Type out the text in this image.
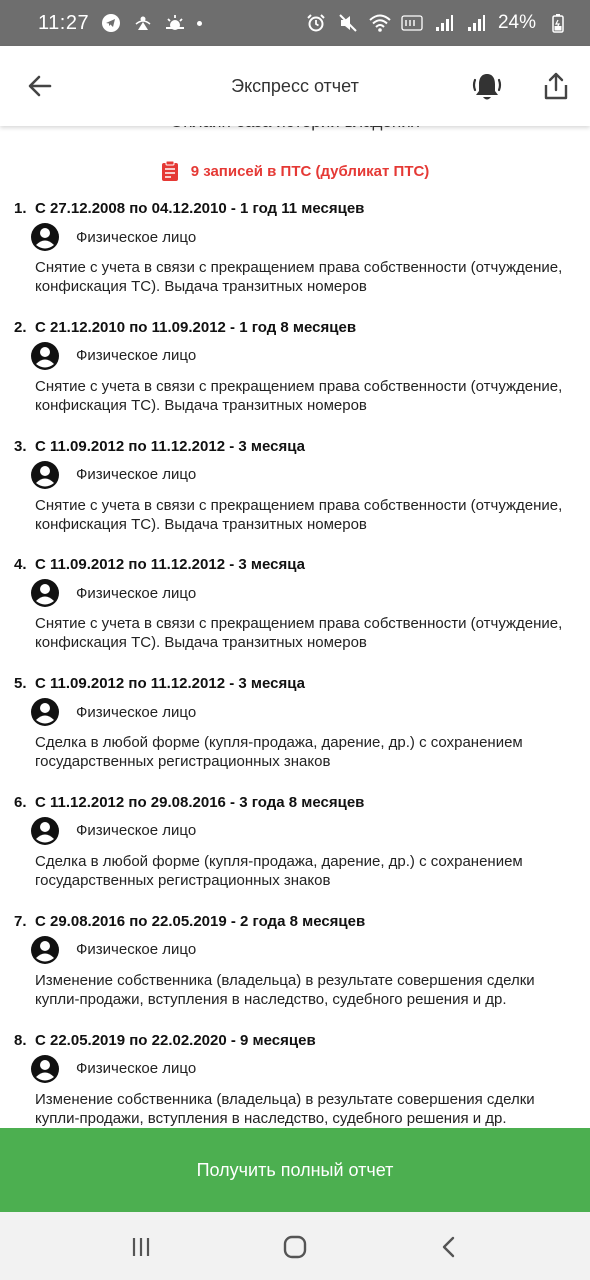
11:27	24%
Экспресс отчет
9 записей в ПТС (дубликат ПТС)
1. С 27.12.2008 по 04.12.2010 - 1 год 11 месяцев
Физическое лицо
Снятие с учета в связи с прекращением права собственности (отчуждение, конфискация ТС). Выдача транзитных номеров
2. С 21.12.2010 по 11.09.2012 - 1 год 8 месяцев
Физическое лицо
Снятие с учета в связи с прекращением права собственности (отчуждение, конфискация ТС). Выдача транзитных номеров
3. С 11.09.2012 по 11.12.2012 - 3 месяца
Физическое лицо
Снятие с учета в связи с прекращением права собственности (отчуждение, конфискация ТС). Выдача транзитных номеров
4. С 11.09.2012 по 11.12.2012 - 3 месяца
Физическое лицо
Снятие с учета в связи с прекращением права собственности (отчуждение, конфискация ТС). Выдача транзитных номеров
5. С 11.09.2012 по 11.12.2012 - 3 месяца
Физическое лицо
Сделка в любой форме (купля-продажа, дарение, др.) с сохранением государственных регистрационных знаков
6. С 11.12.2012 по 29.08.2016 - 3 года 8 месяцев
Физическое лицо
Сделка в любой форме (купля-продажа, дарение, др.) с сохранением государственных регистрационных знаков
7. С 29.08.2016 по 22.05.2019 - 2 года 8 месяцев
Физическое лицо
Изменение собственника (владельца) в результате совершения сделки купли-продажи, вступления в наследство, судебного решения и др.
8. С 22.05.2019 по 22.02.2020 - 9 месяцев
Физическое лицо
Изменение собственника (владельца) в результате совершения сделки купли-продажи, вступления в наследство, судебного решения и др.
Получить полный отчет
